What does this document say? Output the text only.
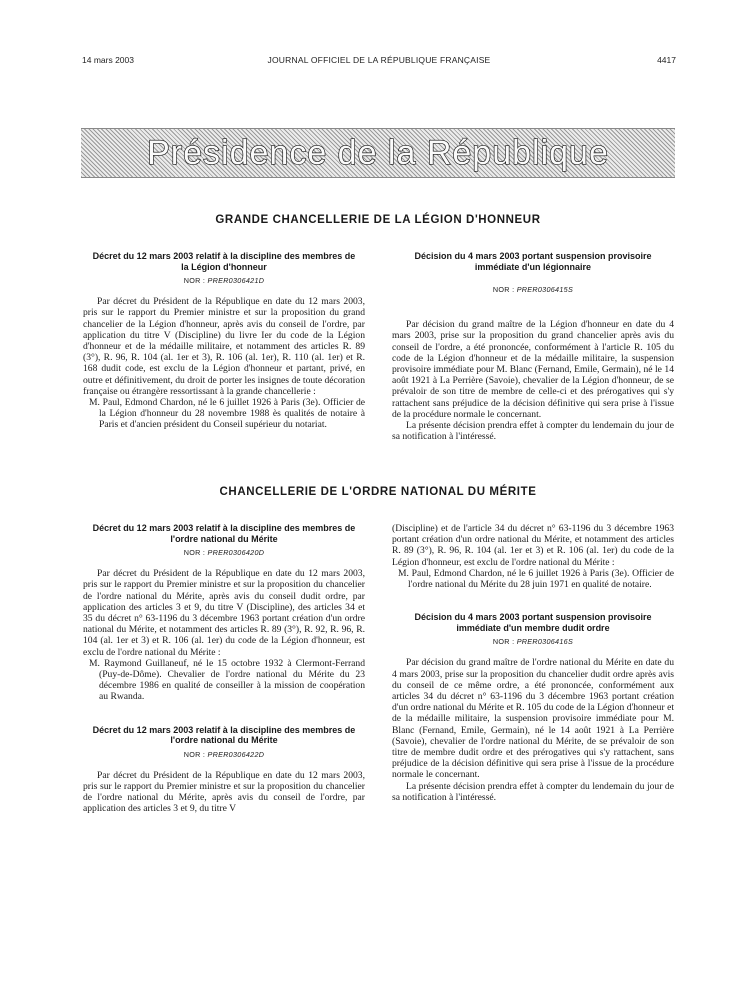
14 mars 2003	JOURNAL OFFICIEL DE LA RÉPUBLIQUE FRANÇAISE	4417
Présidence de la République
GRANDE CHANCELLERIE DE LA LÉGION D'HONNEUR
Décret du 12 mars 2003 relatif à la discipline des membres de la Légion d'honneur
NOR : PRER0306421D

Par décret du Président de la République en date du 12 mars 2003, pris sur le rapport du Premier ministre et sur la proposition du grand chancelier de la Légion d'honneur, après avis du conseil de l'ordre, par application du titre V (Discipline) du livre Ier du code de la Légion d'honneur et de la médaille militaire, et notamment des articles R. 89 (3°), R. 96, R. 104 (al. 1er et 3), R. 106 (al. 1er), R. 110 (al. 1er) et R. 168 dudit code, est exclu de la Légion d'honneur et partant, privé, en outre et définitivement, du droit de porter les insignes de toute décoration française ou étrangère ressortissant à la grande chancellerie :

M. Paul, Edmond Chardon, né le 6 juillet 1926 à Paris (3e). Officier de la Légion d'honneur du 28 novembre 1988 ès qualités de notaire à Paris et d'ancien président du Conseil supérieur du notariat.

Décision du 4 mars 2003 portant suspension provisoire immédiate d'un légionnaire
NOR : PRER0306415S

Par décision du grand maître de la Légion d'honneur en date du 4 mars 2003, prise sur la proposition du grand chancelier après avis du conseil de l'ordre, a été prononcée, conformément à l'article R. 105 du code de la Légion d'honneur et de la médaille militaire, la suspension provisoire immédiate pour M. Blanc (Fernand, Emile, Germain), né le 14 août 1921 à La Perrière (Savoie), chevalier de la Légion d'honneur, de se prévaloir de son titre de membre de celle-ci et des prérogatives qui s'y rattachent sans préjudice de la décision définitive qui sera prise à l'issue de la procédure normale le concernant.

La présente décision prendra effet à compter du lendemain du jour de sa notification à l'intéressé.

CHANCELLERIE DE L'ORDRE NATIONAL DU MÉRITE
Décret du 12 mars 2003 relatif à la discipline des membres de l'ordre national du Mérite
NOR : PRER0306420D

Par décret du Président de la République en date du 12 mars 2003, pris sur le rapport du Premier ministre et sur la proposition du chancelier de l'ordre national du Mérite, après avis du conseil dudit ordre, par application des articles 3 et 9, du titre V (Discipline), des articles 34 et 35 du décret n° 63-1196 du 3 décembre 1963 portant création d'un ordre national du Mérite, et notamment des articles R. 89 (3°), R. 92, R. 96, R. 104 (al. 1er et 3) et R. 106 (al. 1er) du code de la Légion d'honneur, est exclu de l'ordre national du Mérite :

M. Raymond Guillaneuf, né le 15 octobre 1932 à Clermont-Ferrand (Puy-de-Dôme). Chevalier de l'ordre national du Mérite du 23 décembre 1986 en qualité de conseiller à la mission de coopération au Rwanda.

Décret du 12 mars 2003 relatif à la discipline des membres de l'ordre national du Mérite
NOR : PRER0306422D

Par décret du Président de la République en date du 12 mars 2003, pris sur le rapport du Premier ministre et sur la proposition du chancelier de l'ordre national du Mérite, après avis du conseil de l'ordre, par application des articles 3 et 9, du titre V

(Discipline) et de l'article 34 du décret n° 63-1196 du 3 décembre 1963 portant création d'un ordre national du Mérite, et notamment des articles R. 89 (3°), R. 96, R. 104 (al. 1er et 3) et R. 106 (al. 1er) du code de la Légion d'honneur, est exclu de l'ordre national du Mérite :

M. Paul, Edmond Chardon, né le 6 juillet 1926 à Paris (3e). Officier de l'ordre national du Mérite du 28 juin 1971 en qualité de notaire.

Décision du 4 mars 2003 portant suspension provisoire immédiate d'un membre dudit ordre
NOR : PRER0306416S

Par décision du grand maître de l'ordre national du Mérite en date du 4 mars 2003, prise sur la proposition du chancelier dudit ordre après avis du conseil de ce même ordre, a été prononcée, conformément aux articles 34 du décret n° 63-1196 du 3 décembre 1963 portant création d'un ordre national du Mérite et R. 105 du code de la Légion d'honneur et de la médaille militaire, la suspension provisoire immédiate pour M. Blanc (Fernand, Emile, Germain), né le 14 août 1921 à La Perrière (Savoie), chevalier de l'ordre national du Mérite, de se prévaloir de son titre de membre dudit ordre et des prérogatives qui s'y rattachent, sans préjudice de la décision définitive qui sera prise à l'issue de la procédure normale le concernant.

La présente décision prendra effet à compter du lendemain du jour de sa notification à l'intéressé.
